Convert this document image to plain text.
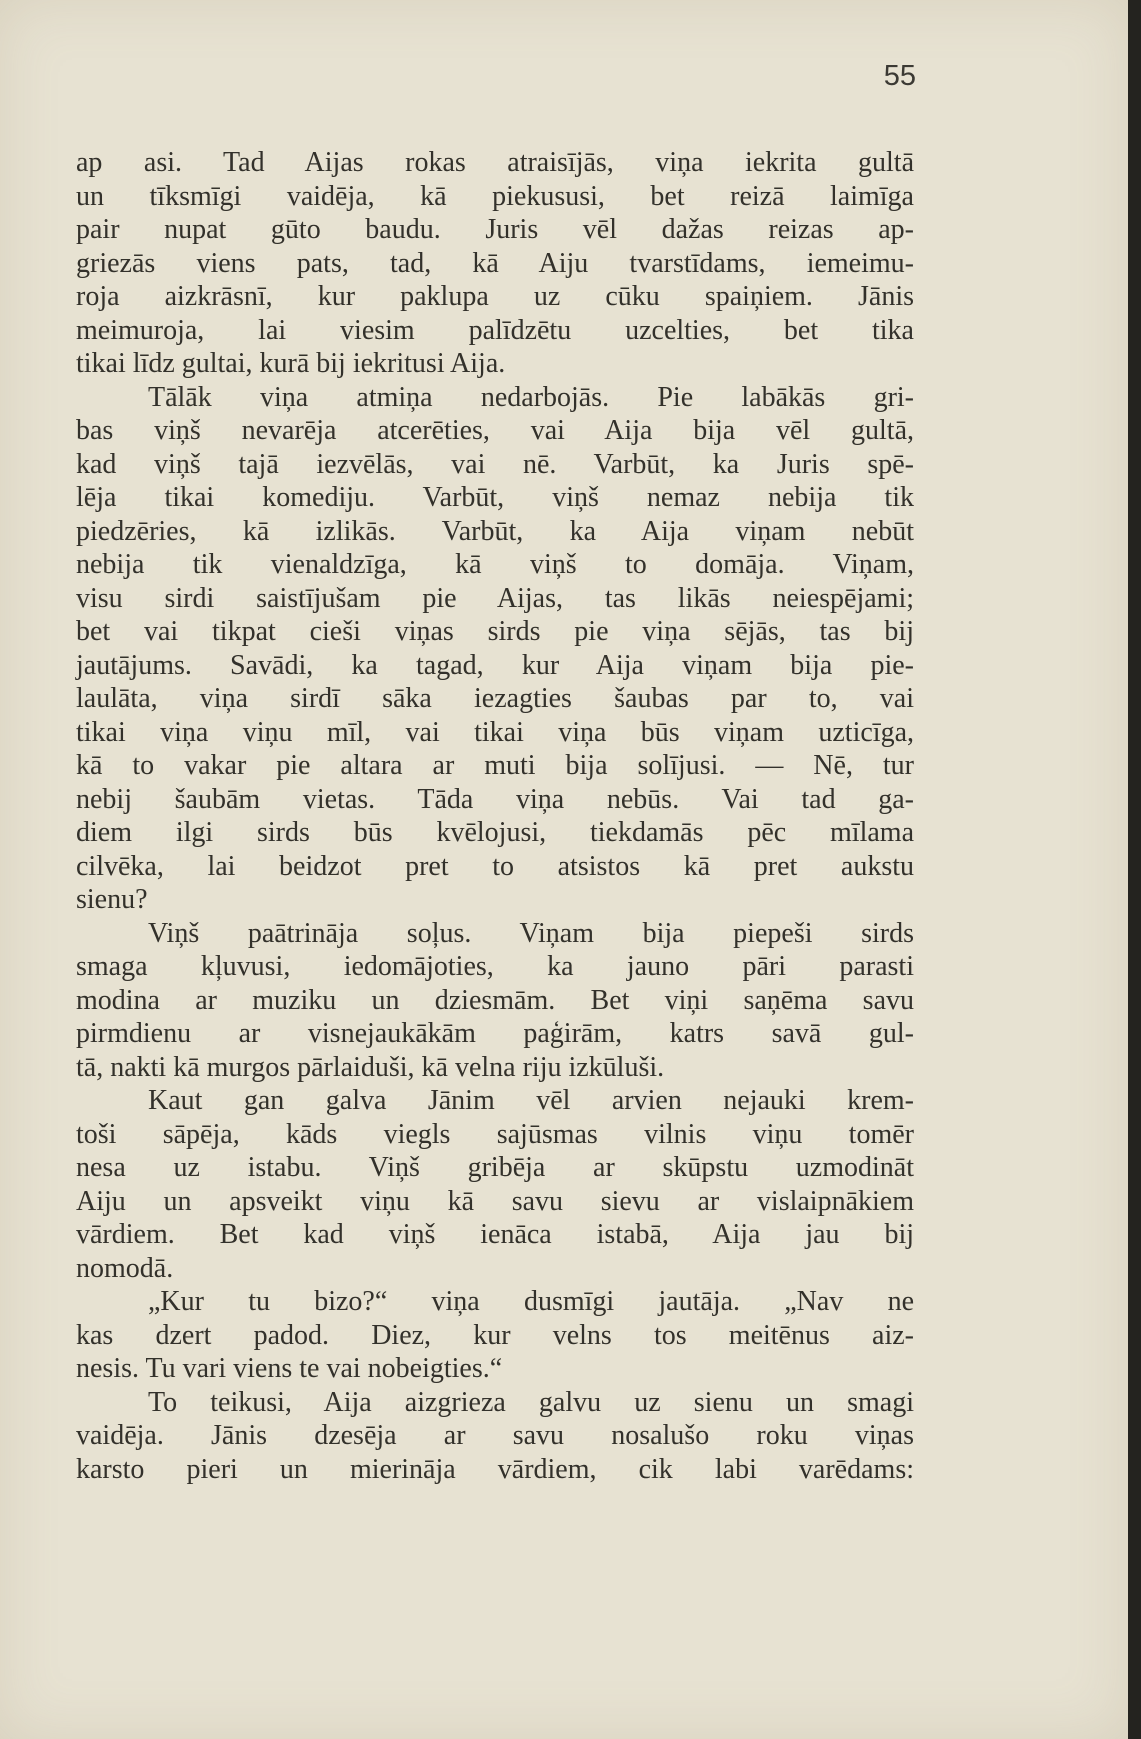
55
ap asi. Tad Aijas rokas atraisījās, viņa iekrita gultā
un tīksmīgi vaidēja, kā piekususi, bet reizā laimīga
pair nupat gūto baudu. Juris vēl dažas reizas ap-
griezās viens pats, tad, kā Aiju tvarstīdams, iemeimu-
roja aizkrāsnī, kur paklupa uz cūku spaiņiem. Jānis
meimuroja, lai viesim palīdzētu uzcelties, bet tika
tikai līdz gultai, kurā bij iekritusi Aija.
Tālāk viņa atmiņa nedarbojās. Pie labākās gri-
bas viņš nevarēja atcerēties, vai Aija bija vēl gultā,
kad viņš tajā iezvēlās, vai nē. Varbūt, ka Juris spē-
lēja tikai komediju. Varbūt, viņš nemaz nebija tik
piedzēries, kā izlikās. Varbūt, ka Aija viņam nebūt
nebija tik vienaldzīga, kā viņš to domāja. Viņam,
visu sirdi saistījušam pie Aijas, tas likās neiespējami;
bet vai tikpat cieši viņas sirds pie viņa sējās, tas bij
jautājums. Savādi, ka tagad, kur Aija viņam bija pie-
laulāta, viņa sirdī sāka iezagties šaubas par to, vai
tikai viņa viņu mīl, vai tikai viņa būs viņam uzticīga,
kā to vakar pie altara ar muti bija solījusi. — Nē, tur
nebij šaubām vietas. Tāda viņa nebūs. Vai tad ga-
diem ilgi sirds būs kvēlojusi, tiekdamās pēc mīlama
cilvēka, lai beidzot pret to atsistos kā pret aukstu
sienu?
Viņš paātrināja soļus. Viņam bija piepeši sirds
smaga kļuvusi, iedomājoties, ka jauno pāri parasti
modina ar muziku un dziesmām. Bet viņi saņēma savu
pirmdienu ar visnejaukākām paģirām, katrs savā gul-
tā, nakti kā murgos pārlaiduši, kā velna riju izkūluši.
Kaut gan galva Jānim vēl arvien nejauki krem-
toši sāpēja, kāds viegls sajūsmas vilnis viņu tomēr
nesa uz istabu. Viņš gribēja ar skūpstu uzmodināt
Aiju un apsveikt viņu kā savu sievu ar vislaipnākiem
vārdiem. Bet kad viņš ienāca istabā, Aija jau bij
nomodā.
„Kur tu bizo?“ viņa dusmīgi jautāja. „Nav ne
kas dzert padod. Diez, kur velns tos meitēnus aiz-
nesis. Tu vari viens te vai nobeigties.“
To teikusi, Aija aizgrieza galvu uz sienu un smagi
vaidēja. Jānis dzesēja ar savu nosalušo roku viņas
karsto pieri un mierināja vārdiem, cik labi varēdams:
